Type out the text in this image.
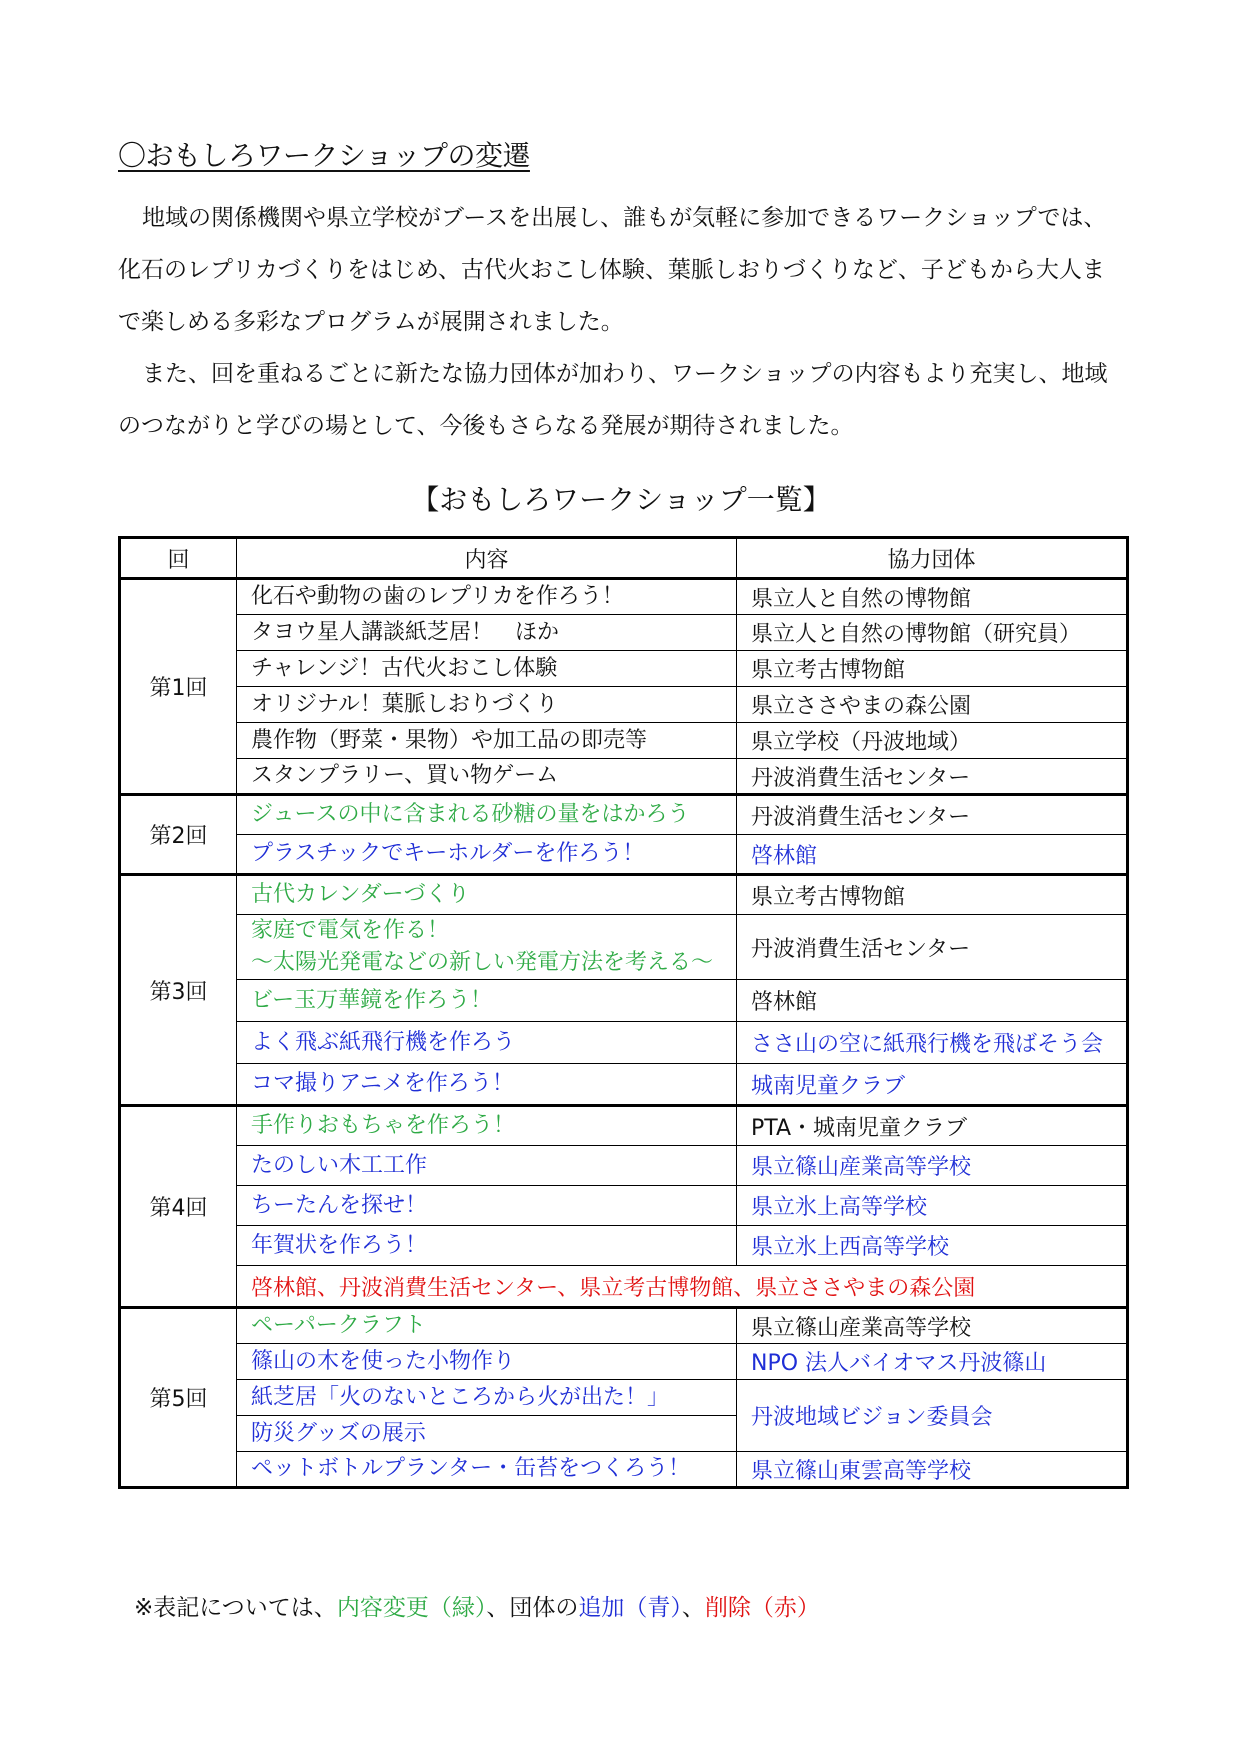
〇おもしろワークショップの変遷

地域の関係機関や県立学校がブースを出展し、誰もが気軽に参加できるワークショップでは、化石のレプリカづくりをはじめ、古代火おこし体験、葉脈しおりづくりなど、子どもから大人まで楽しめる多彩なプログラムが展開されました。

また、回を重ねるごとに新たな協力団体が加わり、ワークショップの内容もより充実し、地域のつながりと学びの場として、今後もさらなる発展が期待されました。

【おもしろワークショップ一覧】
回	内容	協力団体
第1回	化石や動物の歯のレプリカを作ろう！	県立人と自然の博物館

	タヨウ星人講談紙芝居！　ほか	県立人と自然の博物館（研究員）

	チャレンジ！古代火おこし体験	県立考古博物館

	オリジナル！葉脈しおりづくり	県立ささやまの森公園

	農作物（野菜・果物）や加工品の即売等	県立学校（丹波地域）

	スタンプラリー、買い物ゲーム	丹波消費生活センター
第2回	ジュースの中に含まれる砂糖の量をはかろう	丹波消費生活センター

	プラスチックでキーホルダーを作ろう！	啓林館
第3回	古代カレンダーづくり	県立考古博物館

	家庭で電気を作る！
～太陽光発電などの新しい発電方法を考える～	丹波消費生活センター

	ビー玉万華鏡を作ろう！	啓林館

	よく飛ぶ紙飛行機を作ろう	ささ山の空に紙飛行機を飛ばそう会

	コマ撮りアニメを作ろう！	城南児童クラブ
第4回	手作りおもちゃを作ろう！	PTA・城南児童クラブ

	たのしい木工工作	県立篠山産業高等学校

	ちーたんを探せ！	県立氷上高等学校

	年賀状を作ろう！	県立氷上西高等学校
	啓林館、丹波消費生活センター、県立考古博物館、県立ささやまの森公園	
第5回	ペーパークラフト	県立篠山産業高等学校

	篠山の木を使った小物作り	NPO 法人バイオマス丹波篠山

	紙芝居「火のないところから火が出た！」	丹波地域ビジョン委員会

	防災グッズの展示	

	ペットボトルプランター・缶苔をつくろう！	県立篠山東雲高等学校

※表記については、内容変更（緑）、団体の追加（青）、削除（赤）
